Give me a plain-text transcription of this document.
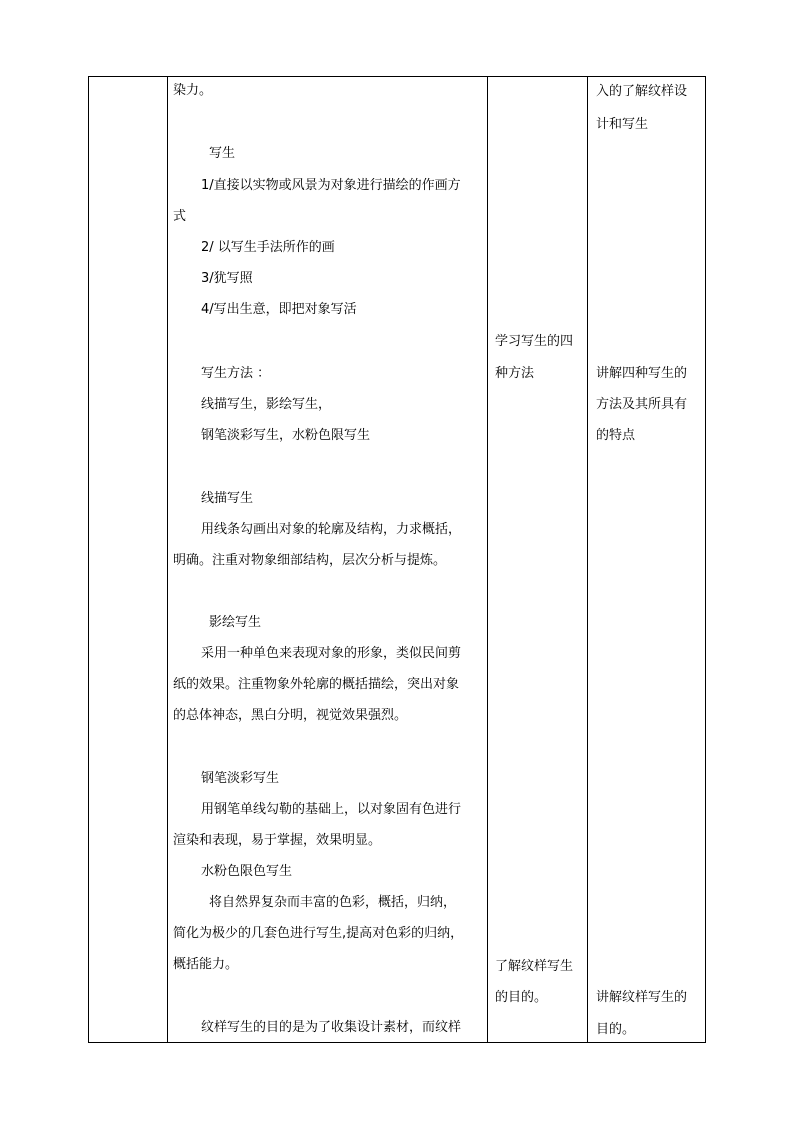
染力。
写生
1/直接以实物或风景为对象进行描绘的作画方
式
2/ 以写生手法所作的画
3/犹写照
4/写出生意，即把对象写活
写生方法 ：
线描写生，影绘写生，
钢笔淡彩写生，水粉色限写生
线描写生
用线条勾画出对象的轮廓及结构，力求概括，
明确。注重对物象细部结构，层次分析与提炼。
影绘写生
采用一种单色来表现对象的形象，类似民间剪
纸的效果。注重物象外轮廓的概括描绘，突出对象
的总体神态，黑白分明，视觉效果强烈。
钢笔淡彩写生
用钢笔单线勾勒的基础上，以对象固有色进行
渲染和表现，易于掌握，效果明显。
水粉色限色写生
将自然界复杂而丰富的色彩，概括，归纳，
简化为极少的几套色进行写生,提高对色彩的归纳，
概括能力。
纹样写生的目的是为了收集设计素材，而纹样
学习写生的四
种方法
了解纹样写生
的目的。
入的了解纹样设
计和写生
讲解四种写生的
方法及其所具有
的特点
讲解纹样写生的
目的。
